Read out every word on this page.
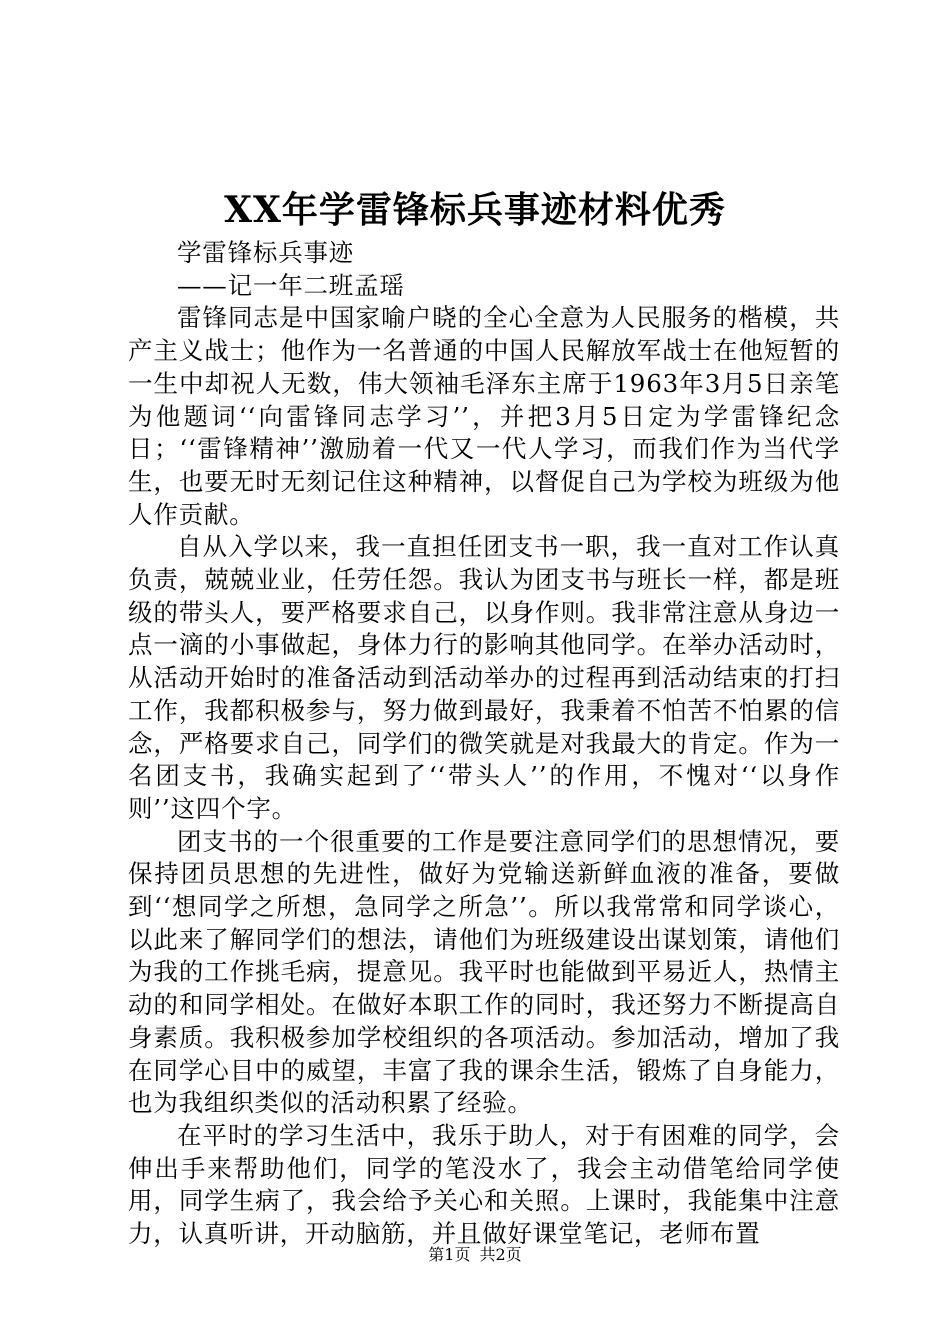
XX年学雷锋标兵事迹材料优秀

学雷锋标兵事迹

——记一年二班孟瑶

雷锋同志是中国家喻户晓的全心全意为人民服务的楷模，共产主义战士；他作为一名普通的中国人民解放军战士在他短暂的一生中却祝人无数，伟大领袖毛泽东主席于1963年3月5日亲笔为他题词‘‘向雷锋同志学习’’，并把3月5日定为学雷锋纪念日；‘‘雷锋精神’’激励着一代又一代人学习，而我们作为当代学生，也要无时无刻记住这种精神，以督促自己为学校为班级为他人作贡献。

自从入学以来，我一直担任团支书一职，我一直对工作认真负责，兢兢业业，任劳任怨。我认为团支书与班长一样，都是班级的带头人，要严格要求自己，以身作则。我非常注意从身边一点一滴的小事做起，身体力行的影响其他同学。在举办活动时，从活动开始时的准备活动到活动举办的过程再到活动结束的打扫工作，我都积极参与，努力做到最好，我秉着不怕苦不怕累的信念，严格要求自己，同学们的微笑就是对我最大的肯定。作为一名团支书，我确实起到了‘‘带头人’’的作用，不愧对‘‘以身作则’’这四个字。

团支书的一个很重要的工作是要注意同学们的思想情况，要保持团员思想的先进性，做好为党输送新鲜血液的准备，要做到‘‘想同学之所想，急同学之所急’’。所以我常常和同学谈心，以此来了解同学们的想法，请他们为班级建设出谋划策，请他们为我的工作挑毛病，提意见。我平时也能做到平易近人，热情主动的和同学相处。在做好本职工作的同时，我还努力不断提高自身素质。我积极参加学校组织的各项活动。参加活动，增加了我在同学心目中的威望，丰富了我的课余生活，锻炼了自身能力，也为我组织类似的活动积累了经验。

在平时的学习生活中，我乐于助人，对于有困难的同学，会伸出手来帮助他们，同学的笔没水了，我会主动借笔给同学使用，同学生病了，我会给予关心和关照。上课时，我能集中注意力，认真听讲，开动脑筋，并且做好课堂笔记，老师布置

第1页 共2页
